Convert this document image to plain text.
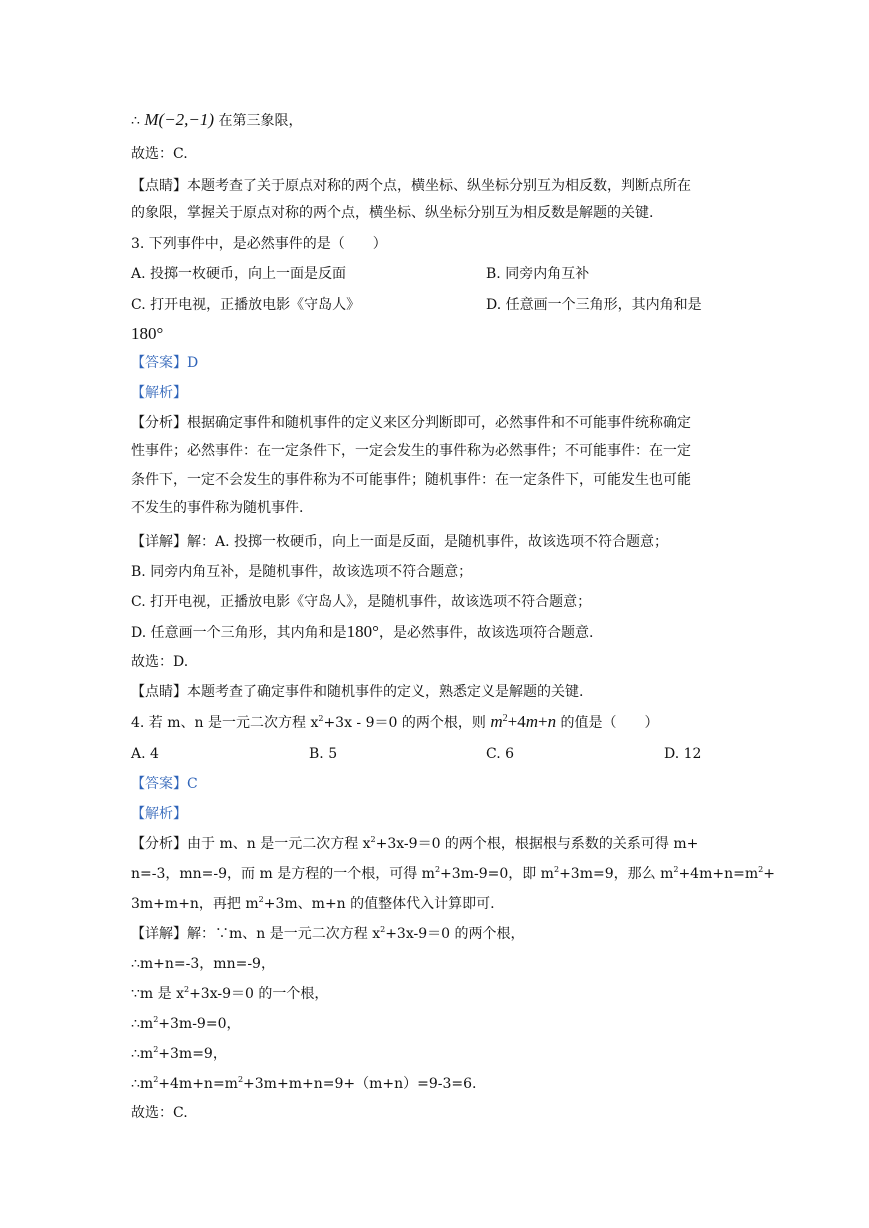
∴ M(−2,−1) 在第三象限，
故选：C.
【点睛】本题考查了关于原点对称的两个点，横坐标、纵坐标分别互为相反数，判断点所在
的象限，掌握关于原点对称的两个点，横坐标、纵坐标分别互为相反数是解题的关键.
3. 下列事件中，是必然事件的是（　　）
A. 投掷一枚硬币，向上一面是反面	B. 同旁内角互补
C. 打开电视，正播放电影《守岛人》	D. 任意画一个三角形，其内角和是
180°
【答案】D
【解析】
【分析】根据确定事件和随机事件的定义来区分判断即可，必然事件和不可能事件统称确定
性事件；必然事件：在一定条件下，一定会发生的事件称为必然事件；不可能事件：在一定
条件下，一定不会发生的事件称为不可能事件；随机事件：在一定条件下，可能发生也可能
不发生的事件称为随机事件.
【详解】解：A. 投掷一枚硬币，向上一面是反面，是随机事件，故该选项不符合题意；
B. 同旁内角互补，是随机事件，故该选项不符合题意；
C. 打开电视，正播放电影《守岛人》，是随机事件，故该选项不符合题意；
D. 任意画一个三角形，其内角和是180°，是必然事件，故该选项符合题意.
故选：D.
【点睛】本题考查了确定事件和随机事件的定义，熟悉定义是解题的关键.
4. 若 m、n 是一元二次方程 $x^2+3x - 9=0$ 的两个根，则 $m^2+4m+n$ 的值是（　　）
A. 4	B. 5	C. 6	D. 12
【答案】C
【解析】
【分析】由于 m、n 是一元二次方程 $x^2+3x-9=0$ 的两个根，根据根与系数的关系可得 m+
n=-3，mn=-9，而 m 是方程的一个根，可得 $m^2+3m-9=0$，即 $m^2+3m=9$，那么 $m^2+4m+n=m^2+$
3m+m+n，再把 $m^2+3m$、m+n 的值整体代入计算即可.
【详解】解：∵m、n 是一元二次方程 $x^2+3x-9=0$ 的两个根，
∴m+n=-3，mn=-9，
∵m 是 $x^2+3x-9=0$ 的一个根，
$\therefore m^2+3m-9=0$，
$\therefore m^2+3m=9$，
$\therefore m^2+4m+n=m^2+3m+m+n=9+(m+n)=9-3=6$.
故选：C.
